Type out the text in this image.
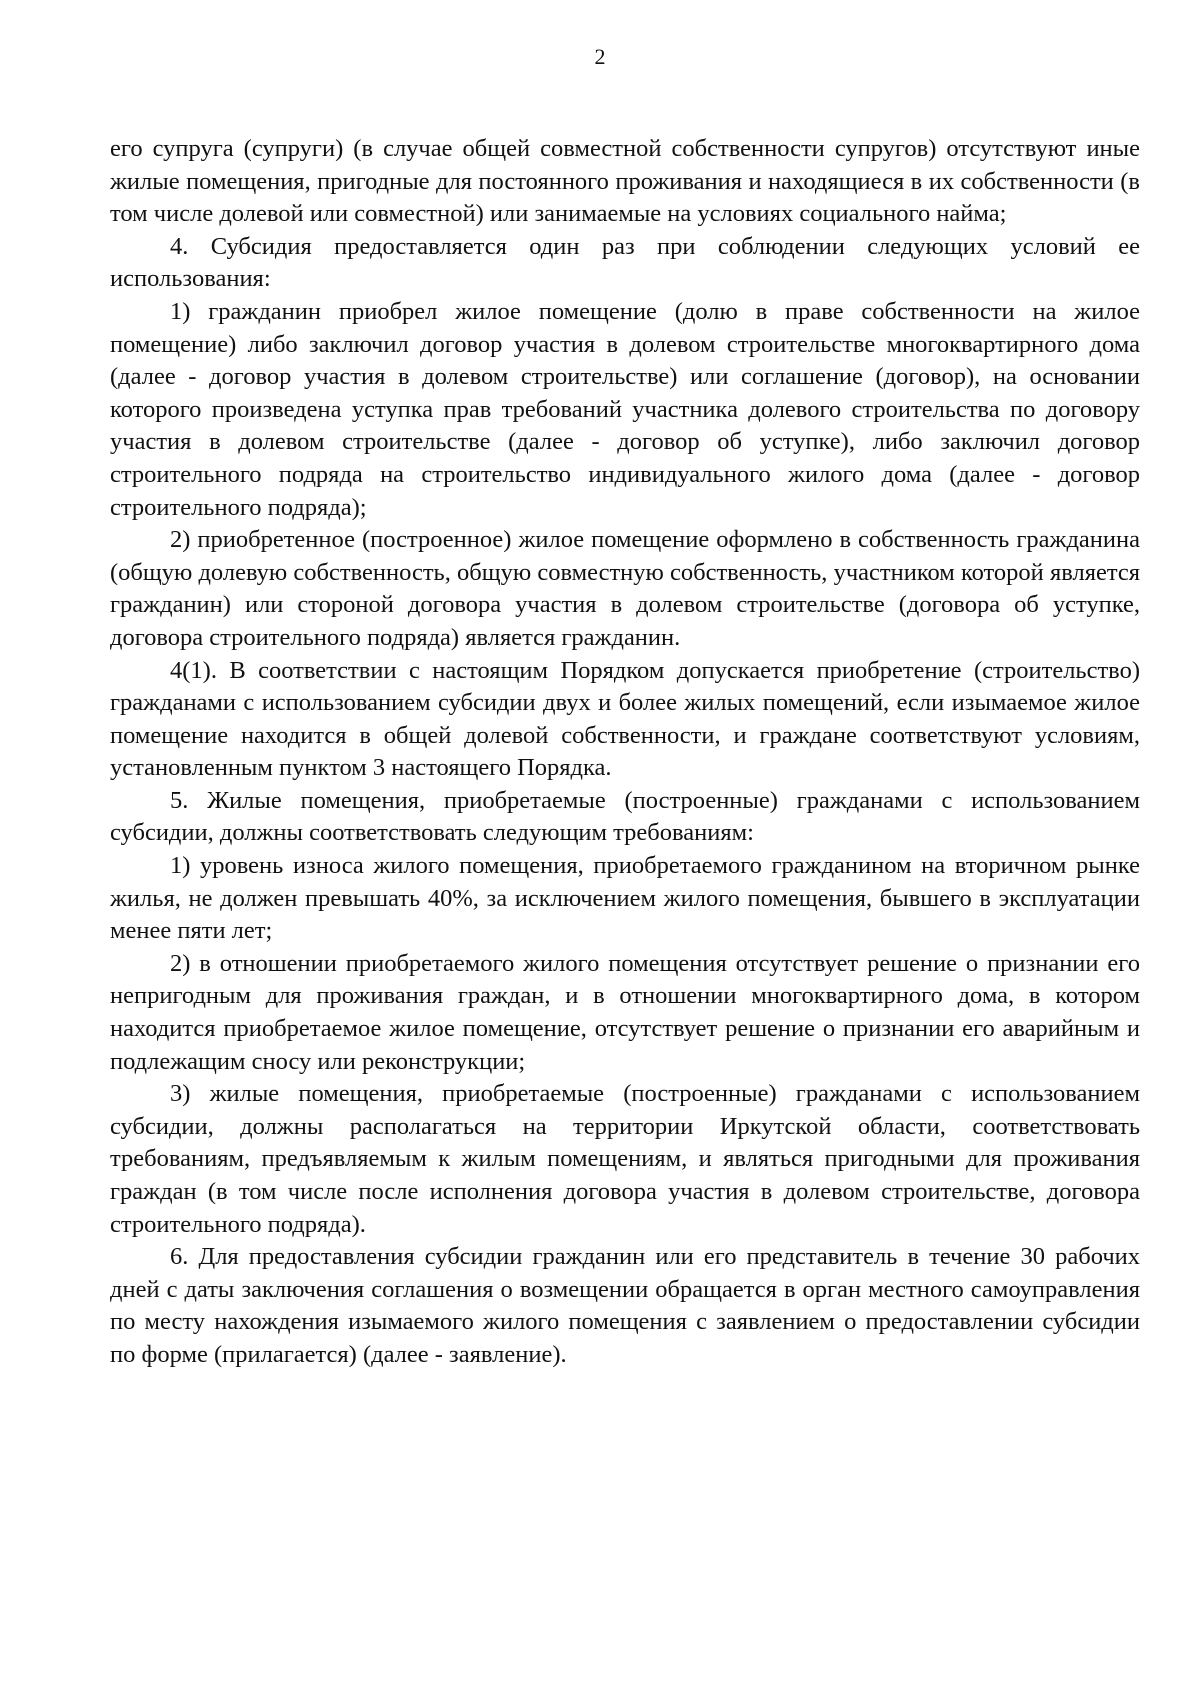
2

его супруга (супруги) (в случае общей совместной собственности супругов) отсутствуют иные жилые помещения, пригодные для постоянного проживания и находящиеся в их собственности (в том числе долевой или совместной) или занимаемые на условиях социального найма;

4. Субсидия предоставляется один раз при соблюдении следующих условий ее использования:

1) гражданин приобрел жилое помещение (долю в праве собственности на жилое помещение) либо заключил договор участия в долевом строительстве многоквартирного дома (далее - договор участия в долевом строительстве) или соглашение (договор), на основании которого произведена уступка прав требований участника долевого строительства по договору участия в долевом строительстве (далее - договор об уступке), либо заключил договор строительного подряда на строительство индивидуального жилого дома (далее - договор строительного подряда);

2) приобретенное (построенное) жилое помещение оформлено в собственность гражданина (общую долевую собственность, общую совместную собственность, участником которой является гражданин) или стороной договора участия в долевом строительстве (договора об уступке, договора строительного подряда) является гражданин.

4(1). В соответствии с настоящим Порядком допускается приобретение (строительство) гражданами с использованием субсидии двух и более жилых помещений, если изымаемое жилое помещение находится в общей долевой собственности, и граждане соответствуют условиям, установленным пунктом 3 настоящего Порядка.

5. Жилые помещения, приобретаемые (построенные) гражданами с использованием субсидии, должны соответствовать следующим требованиям:

1) уровень износа жилого помещения, приобретаемого гражданином на вторичном рынке жилья, не должен превышать 40%, за исключением жилого помещения, бывшего в эксплуатации менее пяти лет;

2) в отношении приобретаемого жилого помещения отсутствует решение о признании его непригодным для проживания граждан, и в отношении многоквартирного дома, в котором находится приобретаемое жилое помещение, отсутствует решение о признании его аварийным и подлежащим сносу или реконструкции;

3) жилые помещения, приобретаемые (построенные) гражданами с использованием субсидии, должны располагаться на территории Иркутской области, соответствовать требованиям, предъявляемым к жилым помещениям, и являться пригодными для проживания граждан (в том числе после исполнения договора участия в долевом строительстве, договора строительного подряда).

6. Для предоставления субсидии гражданин или его представитель в течение 30 рабочих дней с даты заключения соглашения о возмещении обращается в орган местного самоуправления по месту нахождения изымаемого жилого помещения с заявлением о предоставлении субсидии по форме (прилагается) (далее - заявление).
